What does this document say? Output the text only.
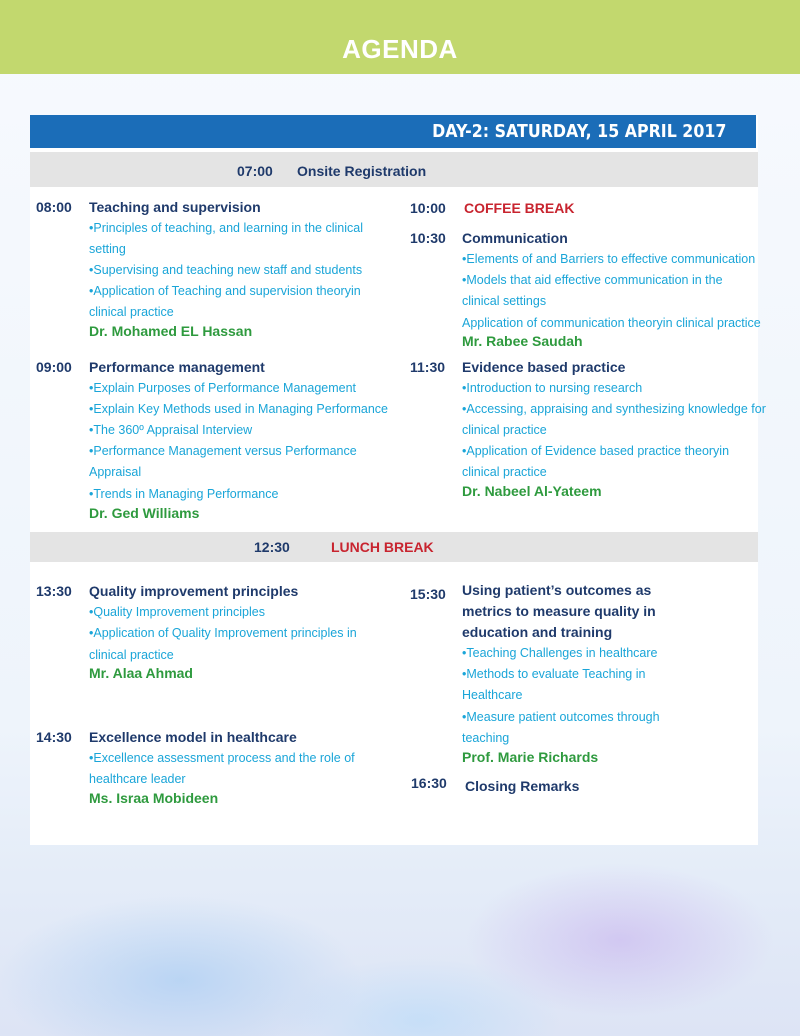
AGENDA
DAY-2: SATURDAY, 15 APRIL 2017
07:00 Onsite Registration
08:00 Teaching and supervision
•Principles of teaching, and learning in the clinical
setting
•Supervising and teaching new staff and students
•Application of Teaching and supervision theoryin
clinical practice
Dr. Mohamed EL Hassan
09:00 Performance management
•Explain Purposes of Performance Management
•Explain Key Methods used in Managing Performance
•The 360º Appraisal Interview
•Performance Management versus Performance
Appraisal
•Trends in Managing Performance
Dr. Ged Williams
10:00 COFFEE BREAK
10:30 Communication
•Elements of and Barriers to effective communication
•Models that aid effective communication in the
clinical settings
Application of communication theoryin clinical practice
Mr. Rabee Saudah
11:30 Evidence based practice
•Introduction to nursing research
•Accessing, appraising and synthesizing knowledge for
clinical practice
•Application of Evidence based practice theoryin
clinical practice
Dr. Nabeel Al-Yateem
12:30	LUNCH BREAK
13:30 Quality improvement principles
•Quality Improvement principles
•Application of Quality Improvement principles in
clinical practice
Mr. Alaa Ahmad
14:30 Excellence model in healthcare
•Excellence assessment process and the role of
healthcare leader
Ms. Israa Mobideen
15:30 Using patient’s outcomes as
metrics to measure quality in
education and training
•Teaching Challenges in healthcare
•Methods to evaluate Teaching in
Healthcare
•Measure patient outcomes through
teaching
Prof. Marie Richards
16:30 Closing Remarks
